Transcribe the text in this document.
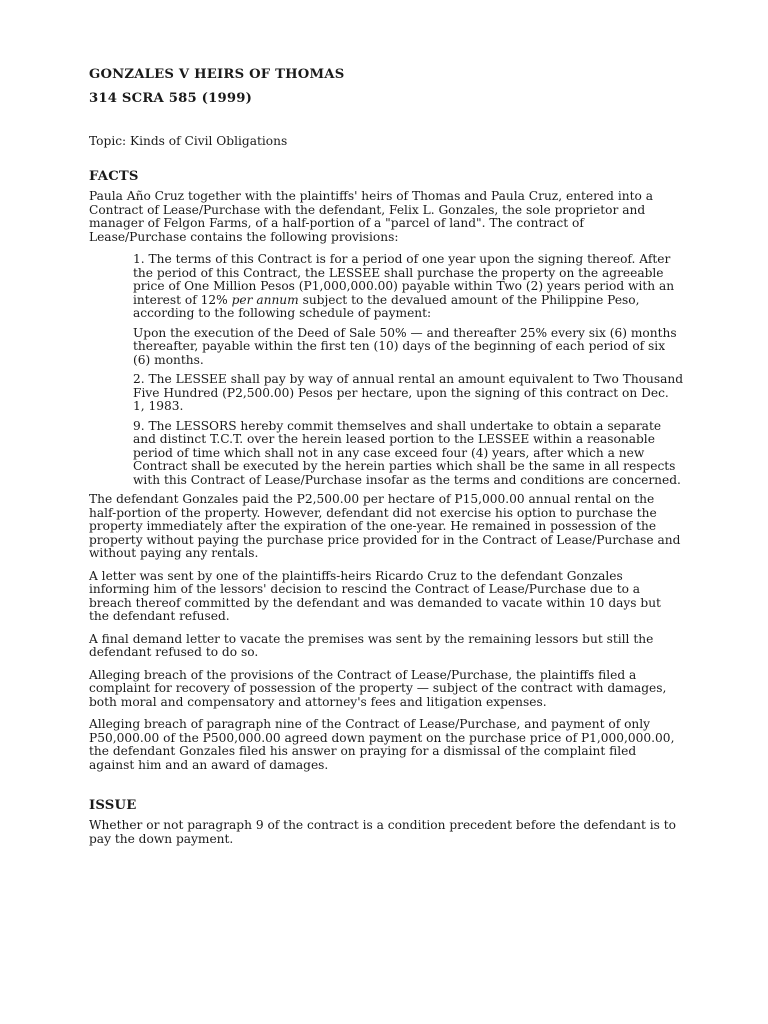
GONZALES V HEIRS OF THOMAS
314 SCRA 585 (1999)

Topic: Kinds of Civil Obligations

FACTS

Paula Año Cruz together with the plaintiffs' heirs of Thomas and Paula Cruz, entered into a Contract of Lease/Purchase with the defendant, Felix L. Gonzales, the sole proprietor and manager of Felgon Farms, of a half-portion of a "parcel of land". The contract of Lease/Purchase contains the following provisions:

1. The terms of this Contract is for a period of one year upon the signing thereof. After the period of this Contract, the LESSEE shall purchase the property on the agreeable price of One Million Pesos (P1,000,000.00) payable within Two (2) years period with an interest of 12% per annum subject to the devalued amount of the Philippine Peso, according to the following schedule of payment:

Upon the execution of the Deed of Sale 50% — and thereafter 25% every six (6) months thereafter, payable within the first ten (10) days of the beginning of each period of six (6) months.

2. The LESSEE shall pay by way of annual rental an amount equivalent to Two Thousand Five Hundred (P2,500.00) Pesos per hectare, upon the signing of this contract on Dec. 1, 1983.

9. The LESSORS hereby commit themselves and shall undertake to obtain a separate and distinct T.C.T. over the herein leased portion to the LESSEE within a reasonable period of time which shall not in any case exceed four (4) years, after which a new Contract shall be executed by the herein parties which shall be the same in all respects with this Contract of Lease/Purchase insofar as the terms and conditions are concerned.

The defendant Gonzales paid the P2,500.00 per hectare of P15,000.00 annual rental on the half-portion of the property. However, defendant did not exercise his option to purchase the property immediately after the expiration of the one-year. He remained in possession of the property without paying the purchase price provided for in the Contract of Lease/Purchase and without paying any rentals.

A letter was sent by one of the plaintiffs-heirs Ricardo Cruz to the defendant Gonzales informing him of the lessors' decision to rescind the Contract of Lease/Purchase due to a breach thereof committed by the defendant and was demanded to vacate within 10 days but the defendant refused.

A final demand letter to vacate the premises was sent by the remaining lessors but still the defendant refused to do so.

Alleging breach of the provisions of the Contract of Lease/Purchase, the plaintiffs filed a complaint for recovery of possession of the property — subject of the contract with damages, both moral and compensatory and attorney's fees and litigation expenses.

Alleging breach of paragraph nine of the Contract of Lease/Purchase, and payment of only P50,000.00 of the P500,000.00 agreed down payment on the purchase price of P1,000,000.00, the defendant Gonzales filed his answer on praying for a dismissal of the complaint filed against him and an award of damages.

ISSUE

Whether or not paragraph 9 of the contract is a condition precedent before the defendant is to pay the down payment.
